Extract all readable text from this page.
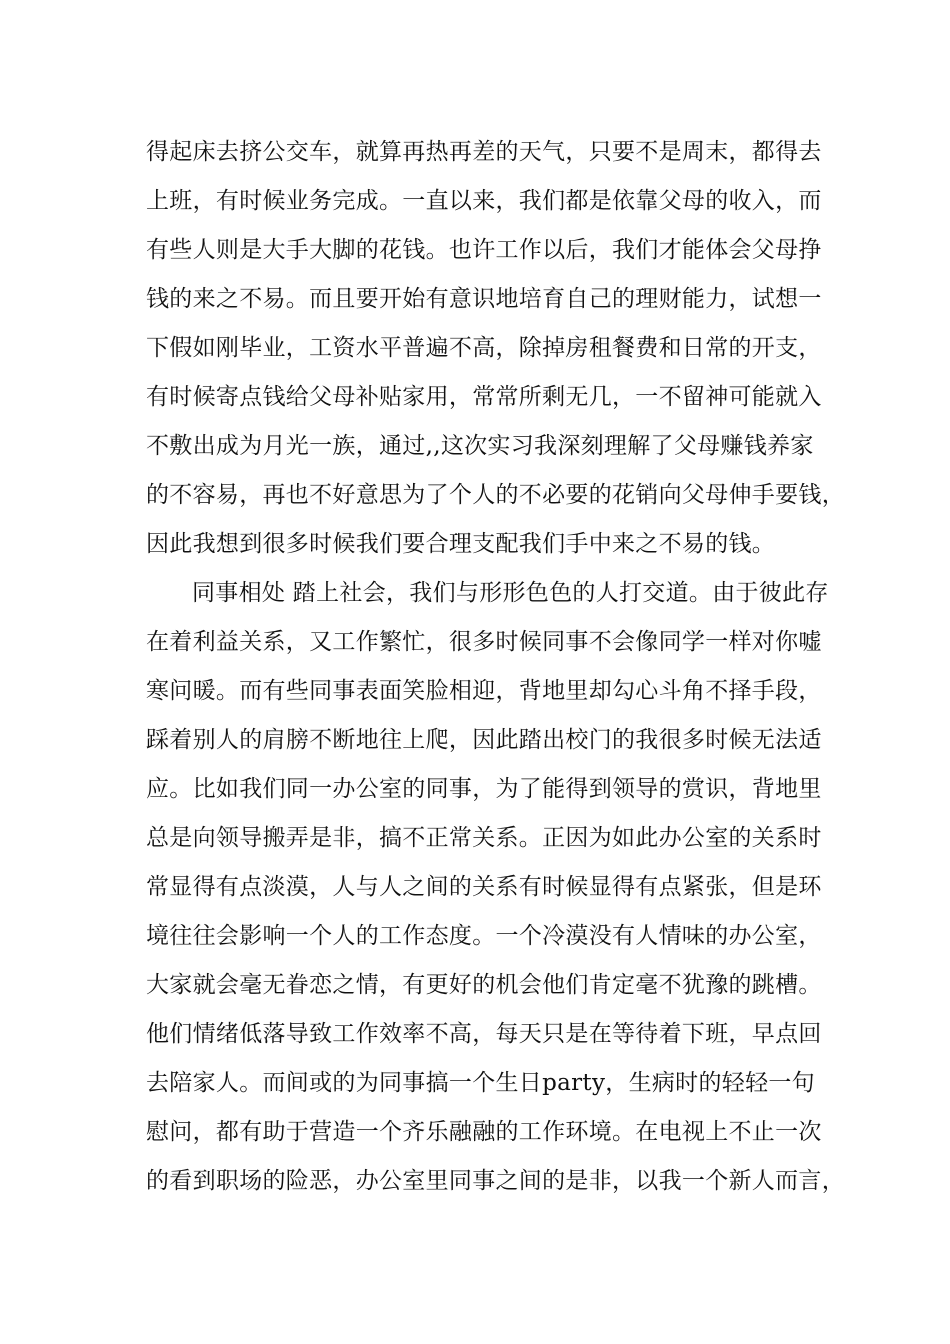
得起床去挤公交车，就算再热再差的天气，只要不是周末，都得去
上班，有时候业务完成。一直以来，我们都是依靠父母的收入，而
有些人则是大手大脚的花钱。也许工作以后，我们才能体会父母挣
钱的来之不易。而且要开始有意识地培育自己的理财能力，试想一
下假如刚毕业，工资水平普遍不高，除掉房租餐费和日常的开支，
有时候寄点钱给父母补贴家用，常常所剩无几，一不留神可能就入
不敷出成为月光一族，通过,,这次实习我深刻理解了父母赚钱养家
的不容易，再也不好意思为了个人的不必要的花销向父母伸手要钱，
因此我想到很多时候我们要合理支配我们手中来之不易的钱。
同事相处 踏上社会，我们与形形色色的人打交道。由于彼此存
在着利益关系，又工作繁忙，很多时候同事不会像同学一样对你嘘
寒问暖。而有些同事表面笑脸相迎，背地里却勾心斗角不择手段，
踩着别人的肩膀不断地往上爬，因此踏出校门的我很多时候无法适
应。比如我们同一办公室的同事，为了能得到领导的赏识，背地里
总是向领导搬弄是非，搞不正常关系。正因为如此办公室的关系时
常显得有点淡漠，人与人之间的关系有时候显得有点紧张，但是环
境往往会影响一个人的工作态度。一个冷漠没有人情味的办公室，
大家就会毫无眷恋之情，有更好的机会他们肯定毫不犹豫的跳槽。
他们情绪低落导致工作效率不高，每天只是在等待着下班，早点回
去陪家人。而间或的为同事搞一个生日party，生病时的轻轻一句
慰问，都有助于营造一个齐乐融融的工作环境。在电视上不止一次
的看到职场的险恶，办公室里同事之间的是非，以我一个新人而言，
